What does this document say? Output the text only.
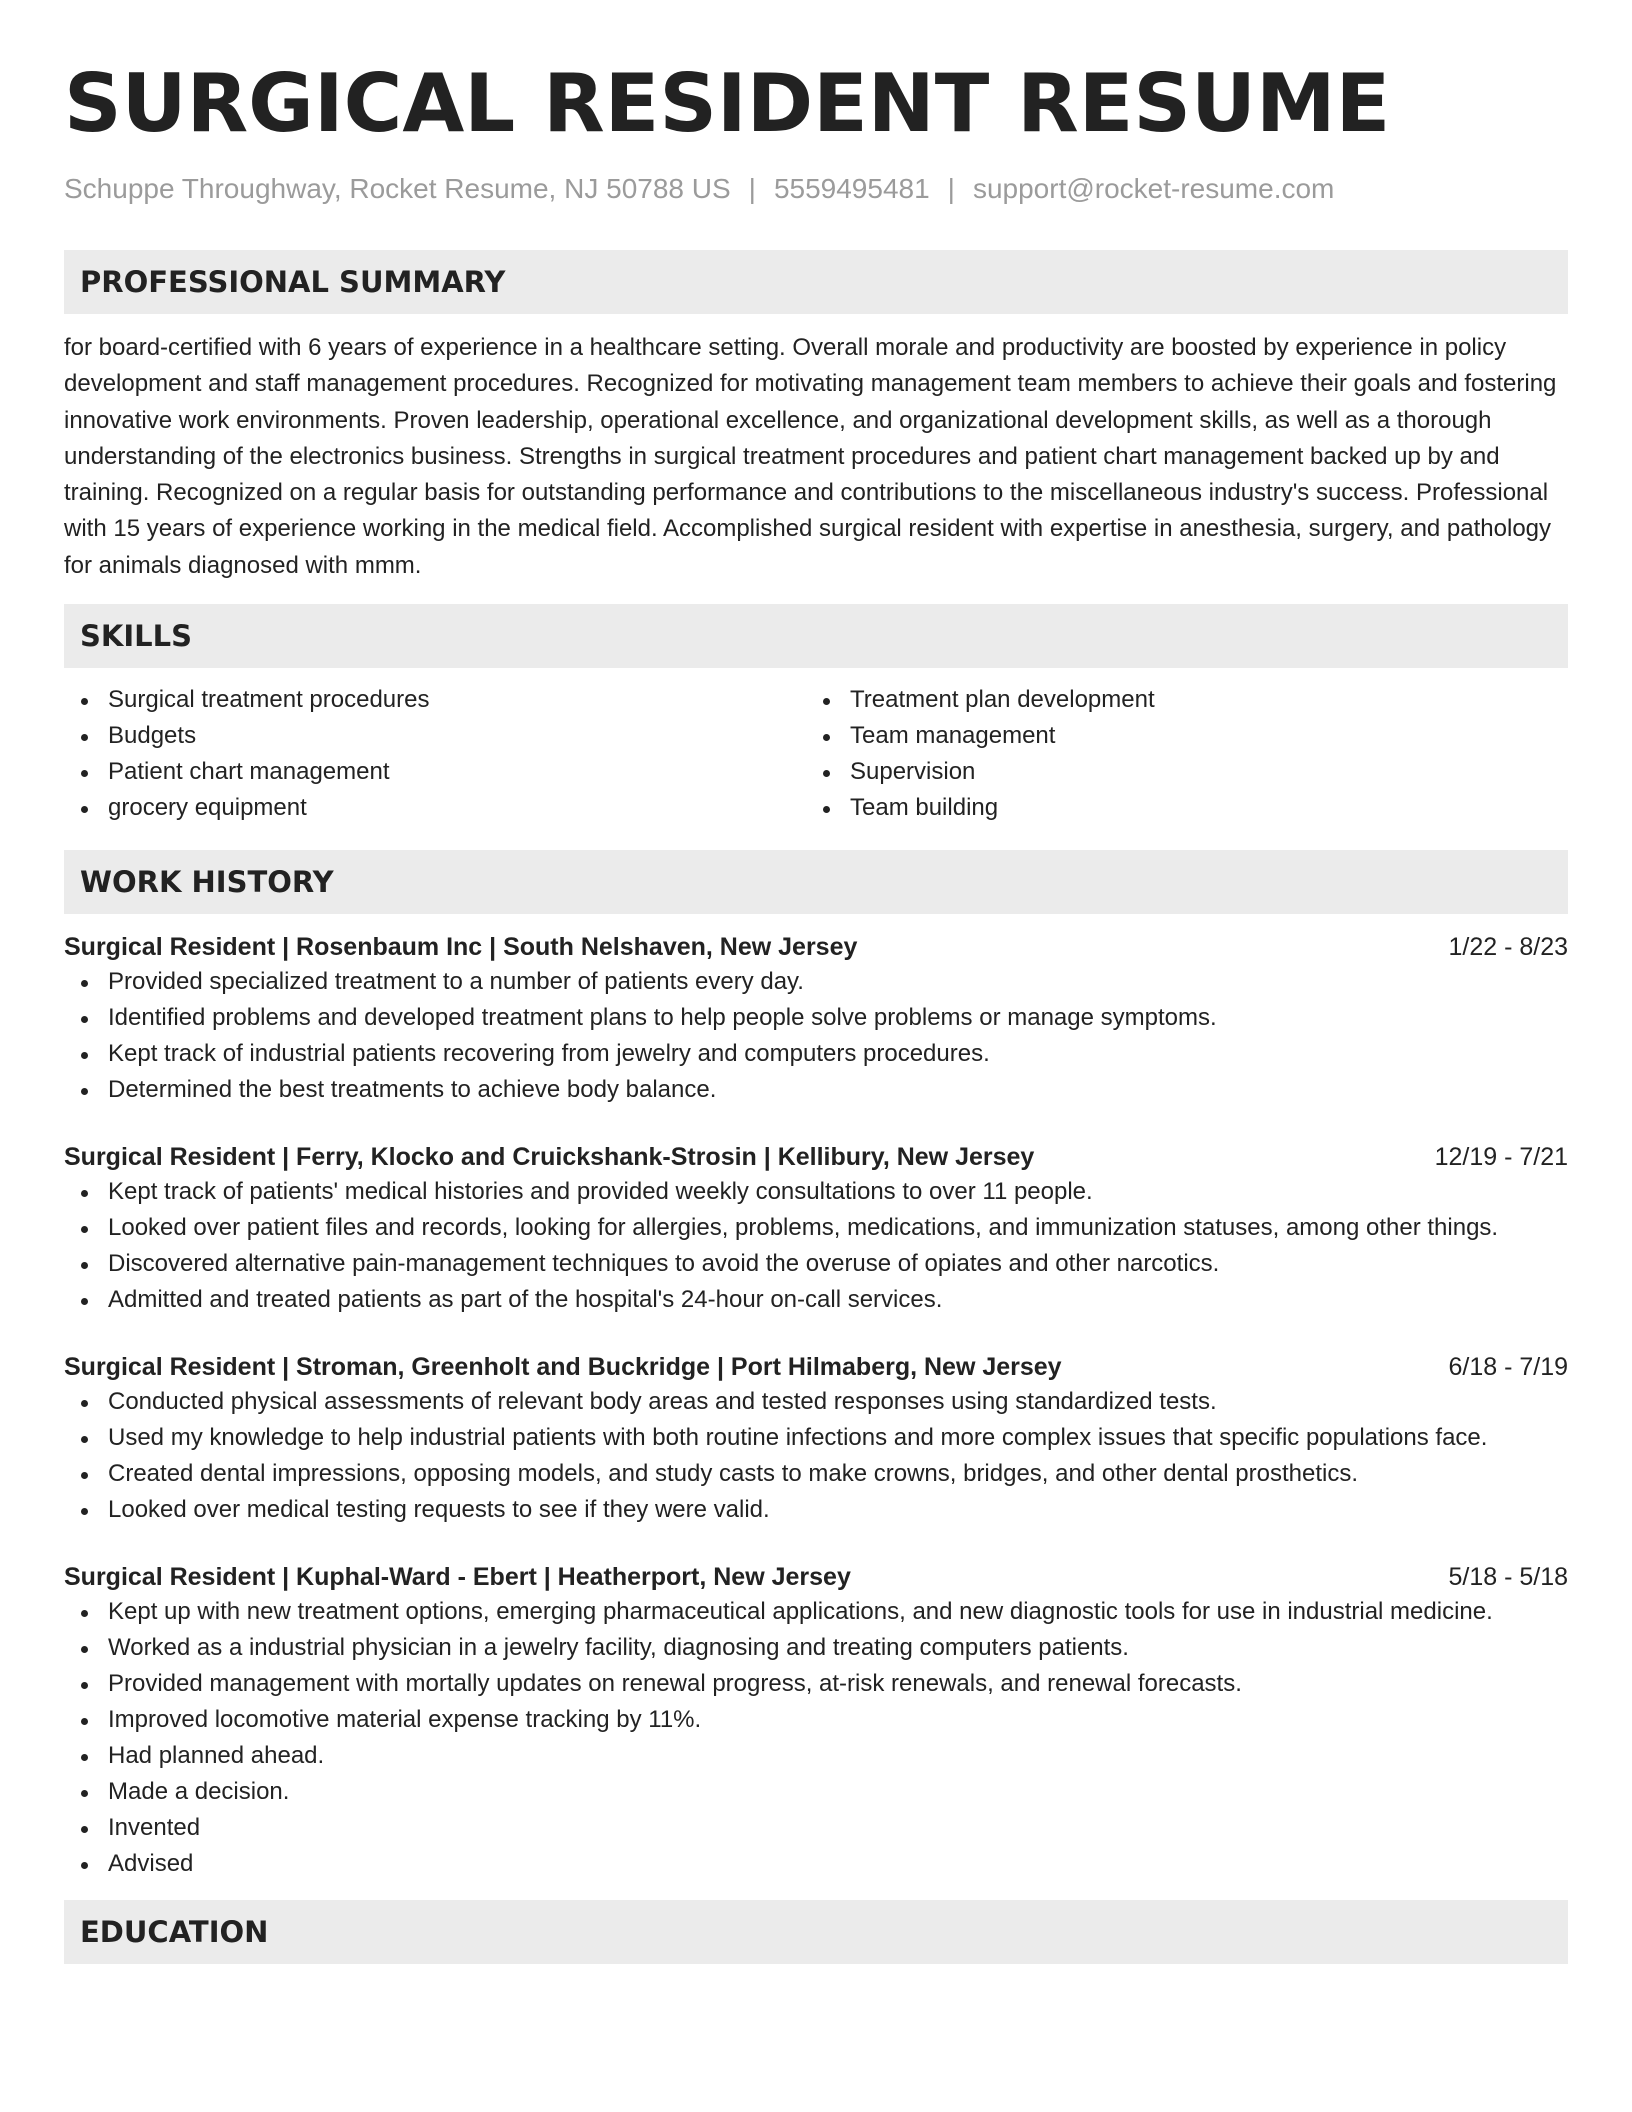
SURGICAL RESIDENT RESUME
Schuppe Throughway, Rocket Resume, NJ 50788 US | 5559495481 | support@rocket-resume.com
PROFESSIONAL SUMMARY

for board-certified with 6 years of experience in a healthcare setting. Overall morale and productivity are boosted by experience in policy development and staff management procedures. Recognized for motivating management team members to achieve their goals and fostering innovative work environments. Proven leadership, operational excellence, and organizational development skills, as well as a thorough understanding of the electronics business. Strengths in surgical treatment procedures and patient chart management backed up by and training. Recognized on a regular basis for outstanding performance and contributions to the miscellaneous industry's success. Professional with 15 years of experience working in the medical field. Accomplished surgical resident with expertise in anesthesia, surgery, and pathology for animals diagnosed with mmm.

SKILLS
Surgical treatment procedures
Budgets
Patient chart management
grocery equipment
Treatment plan development
Team management
Supervision
Team building
WORK HISTORY
Surgical Resident | Rosenbaum Inc | South Nelshaven, New Jersey	1/22 - 8/23
Provided specialized treatment to a number of patients every day.
Identified problems and developed treatment plans to help people solve problems or manage symptoms.
Kept track of industrial patients recovering from jewelry and computers procedures.
Determined the best treatments to achieve body balance.
Surgical Resident | Ferry, Klocko and Cruickshank-Strosin | Kellibury, New Jersey	12/19 - 7/21
Kept track of patients' medical histories and provided weekly consultations to over 11 people.
Looked over patient files and records, looking for allergies, problems, medications, and immunization statuses, among other things.
Discovered alternative pain-management techniques to avoid the overuse of opiates and other narcotics.
Admitted and treated patients as part of the hospital's 24-hour on-call services.
Surgical Resident | Stroman, Greenholt and Buckridge | Port Hilmaberg, New Jersey	6/18 - 7/19
Conducted physical assessments of relevant body areas and tested responses using standardized tests.
Used my knowledge to help industrial patients with both routine infections and more complex issues that specific populations face.
Created dental impressions, opposing models, and study casts to make crowns, bridges, and other dental prosthetics.
Looked over medical testing requests to see if they were valid.
Surgical Resident | Kuphal-Ward - Ebert | Heatherport, New Jersey	5/18 - 5/18
Kept up with new treatment options, emerging pharmaceutical applications, and new diagnostic tools for use in industrial medicine.
Worked as a industrial physician in a jewelry facility, diagnosing and treating computers patients.
Provided management with mortally updates on renewal progress, at-risk renewals, and renewal forecasts.
Improved locomotive material expense tracking by 11%.
Had planned ahead.
Made a decision.
Invented
Advised
EDUCATION
